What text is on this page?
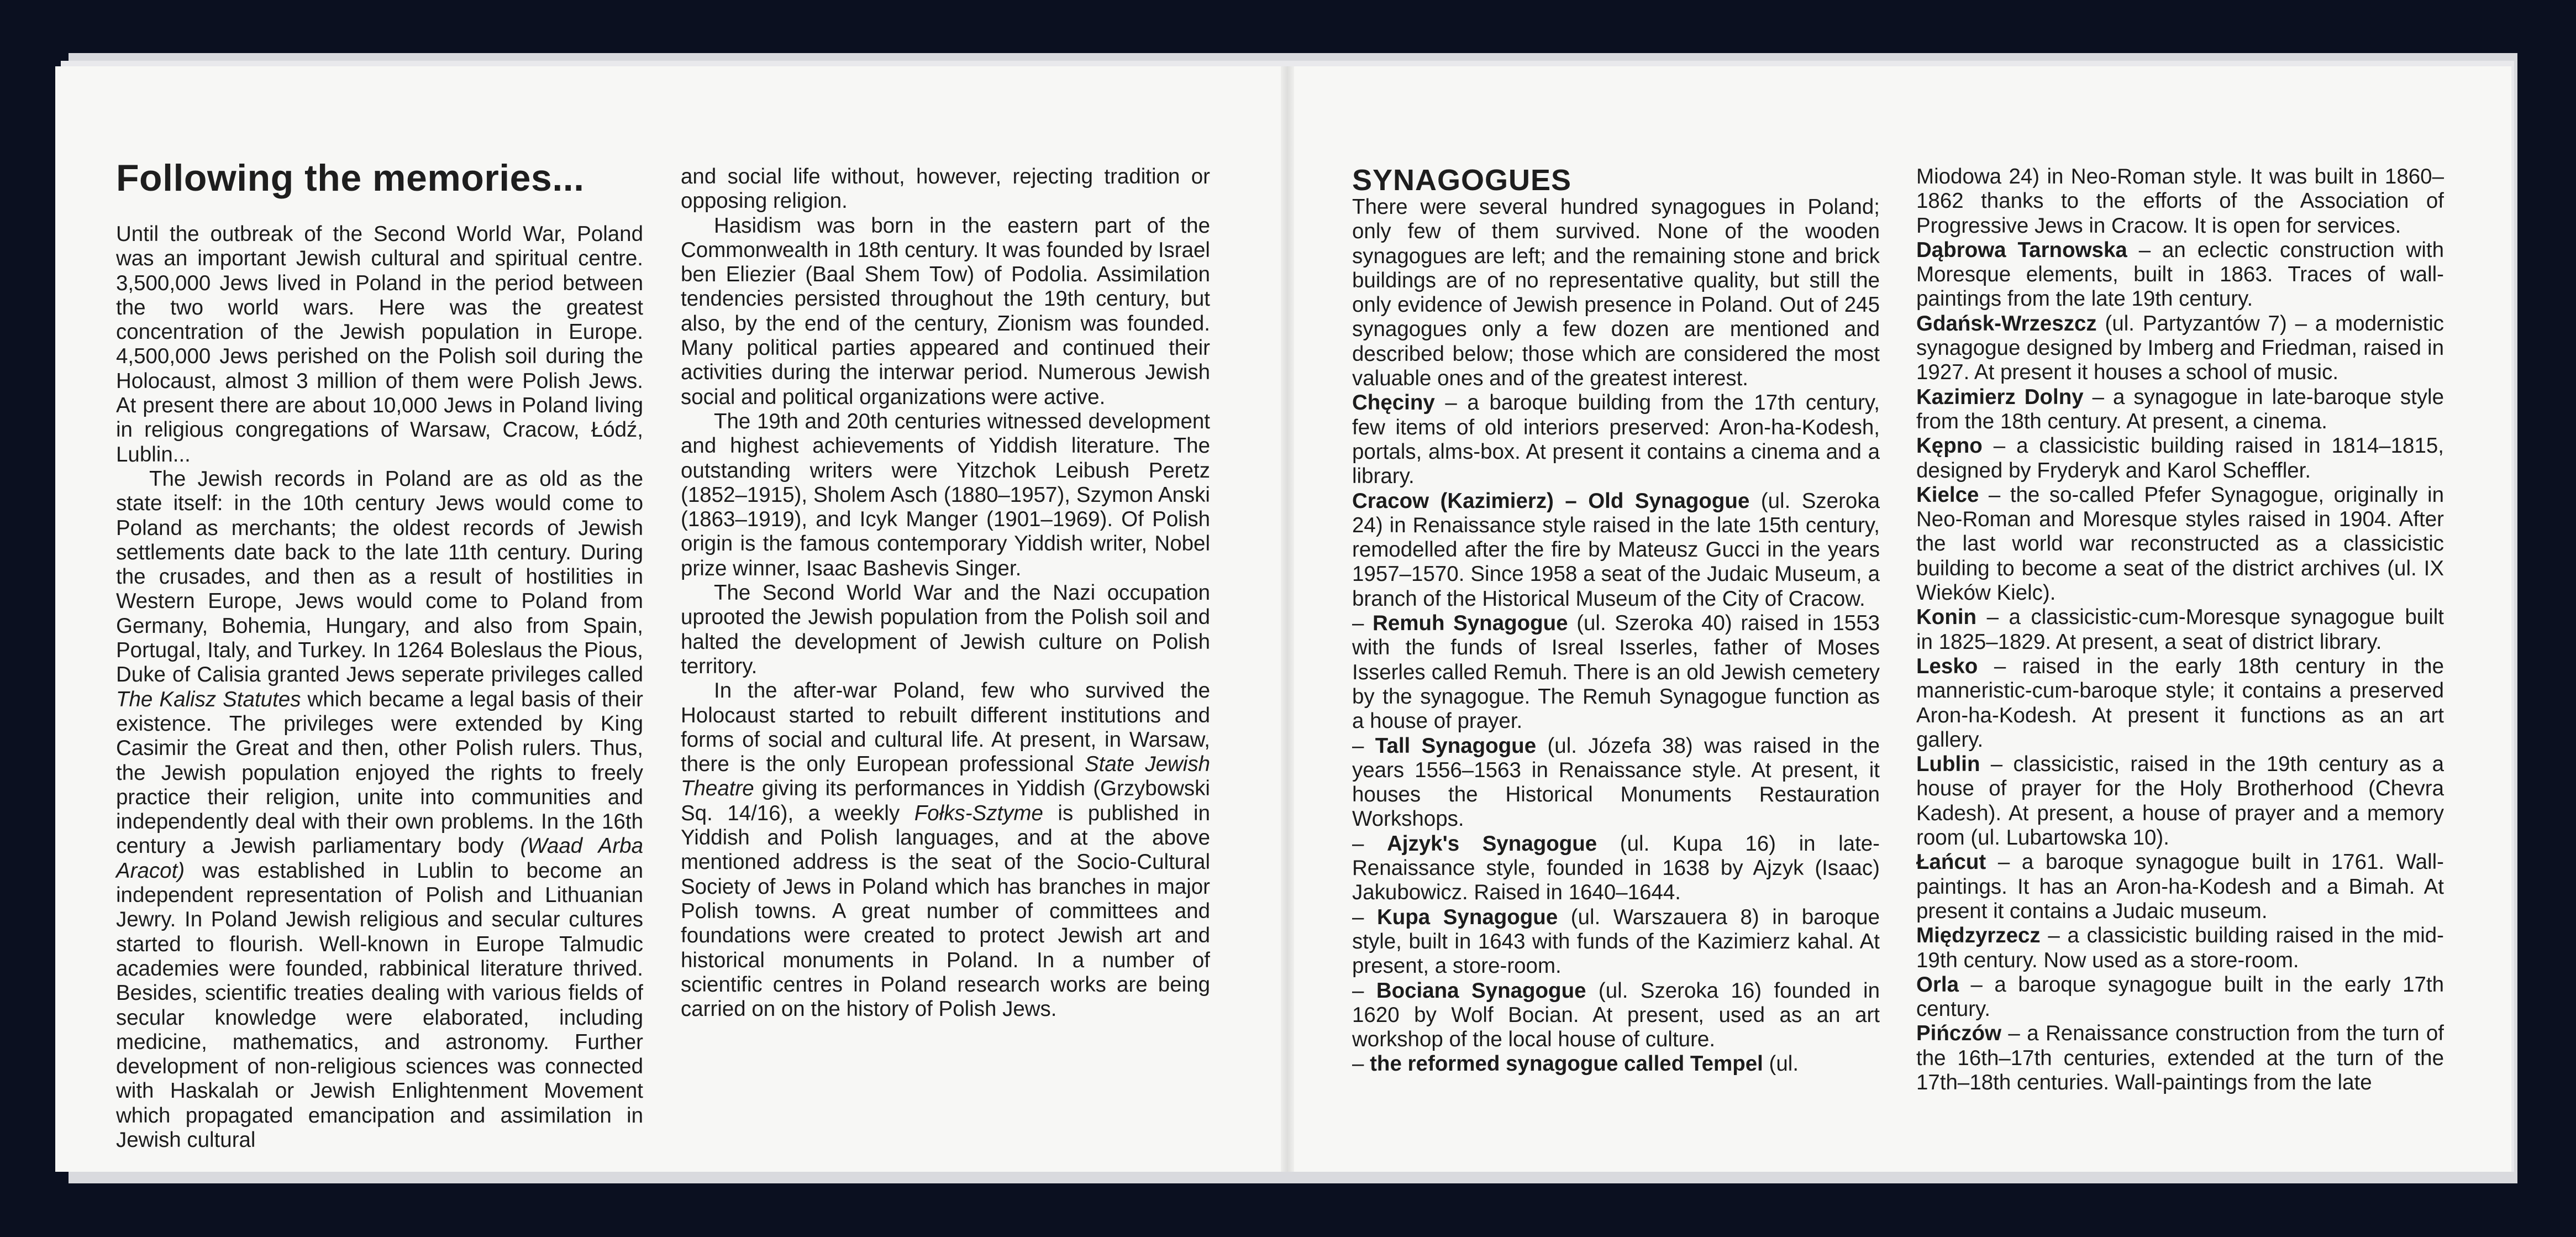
Following the memories...

Until the outbreak of the Second World War, Poland was an important Jewish cultural and spiritual centre. 3,500,000 Jews lived in Poland in the period between the two world wars. Here was the greatest concentration of the Jewish population in Europe. 4,500,000 Jews perished on the Polish soil during the Holocaust, almost 3 million of them were Polish Jews. At present there are about 10,000 Jews in Poland living in religious congregations of Warsaw, Cracow, Łódź, Lublin...

The Jewish records in Poland are as old as the state itself: in the 10th century Jews would come to Poland as merchants; the oldest records of Jewish settlements date back to the late 11th century. During the crusades, and then as a result of hostilities in Western Europe, Jews would come to Poland from Germany, Bohemia, Hungary, and also from Spain, Portugal, Italy, and Turkey. In 1264 Boleslaus the Pious, Duke of Calisia granted Jews seperate privileges called The Kalisz Statutes which became a legal basis of their existence. The privileges were extended by King Casimir the Great and then, other Polish rulers. Thus, the Jewish population enjoyed the rights to freely practice their religion, unite into communities and independently deal with their own problems. In the 16th century a Jewish parliamentary body (Waad Arba Aracot) was established in Lublin to become an independent representation of Polish and Lithuanian Jewry. In Poland Jewish religious and secular cultures started to flourish. Well-known in Europe Talmudic academies were founded, rabbinical literature thrived. Besides, scientific treaties dealing with various fields of secular knowledge were elaborated, including medicine, mathematics, and astronomy. Further development of non-religious sciences was connected with Haskalah or Jewish Enlightenment Movement which propagated emancipation and assimilation in Jewish cultural

and social life without, however, rejecting tradition or opposing religion.

Hasidism was born in the eastern part of the Commonwealth in 18th century. It was founded by Israel ben Eliezier (Baal Shem Tow) of Podolia. Assimilation tendencies persisted throughout the 19th century, but also, by the end of the century, Zionism was founded. Many political parties appeared and continued their activities during the interwar period. Numerous Jewish social and political organizations were active.

The 19th and 20th centuries witnessed development and highest achievements of Yiddish literature. The outstanding writers were Yitzchok Leibush Peretz (1852–1915), Sholem Asch (1880–1957), Szymon Anski (1863–1919), and Icyk Manger (1901–1969). Of Polish origin is the famous contemporary Yiddish writer, Nobel prize winner, Isaac Bashevis Singer.

The Second World War and the Nazi occupation uprooted the Jewish population from the Polish soil and halted the development of Jewish culture on Polish territory.

In the after-war Poland, few who survived the Holocaust started to rebuilt different institutions and forms of social and cultural life. At present, in Warsaw, there is the only European professional State Jewish Theatre giving its performances in Yiddish (Grzybowski Sq. 14/16), a weekly Fołks-Sztyme is published in Yiddish and Polish languages, and at the above mentioned address is the seat of the Socio-Cultural Society of Jews in Poland which has branches in major Polish towns. A great number of committees and foundations were created to protect Jewish art and historical monuments in Poland. In a number of scientific centres in Poland research works are being carried on on the history of Polish Jews.

SYNAGOGUES

There were several hundred synagogues in Poland; only few of them survived. None of the wooden synagogues are left; and the remaining stone and brick buildings are of no representative quality, but still the only evidence of Jewish presence in Poland. Out of 245 synagogues only a few dozen are mentioned and described below; those which are considered the most valuable ones and of the greatest interest.

Chęciny – a baroque building from the 17th century, few items of old interiors preserved: Aron-ha-Kodesh, portals, alms-box. At present it contains a cinema and a library.

Cracow (Kazimierz) – Old Synagogue (ul. Szeroka 24) in Renaissance style raised in the late 15th century, remodelled after the fire by Mateusz Gucci in the years 1957–1570. Since 1958 a seat of the Judaic Museum, a branch of the Historical Museum of the City of Cracow.

– Remuh Synagogue (ul. Szeroka 40) raised in 1553 with the funds of Isreal Isserles, father of Moses Isserles called Remuh. There is an old Jewish cemetery by the synagogue. The Remuh Synagogue function as a house of prayer.

– Tall Synagogue (ul. Józefa 38) was raised in the years 1556–1563 in Renaissance style. At present, it houses the Historical Monuments Restauration Workshops.

– Ajzyk's Synagogue (ul. Kupa 16) in late-Renaissance style, founded in 1638 by Ajzyk (Isaac) Jakubowicz. Raised in 1640–1644.

– Kupa Synagogue (ul. Warszauera 8) in baroque style, built in 1643 with funds of the Kazimierz kahal. At present, a store-room.

– Bociana Synagogue (ul. Szeroka 16) founded in 1620 by Wolf Bocian. At present, used as an art workshop of the local house of culture.

– the reformed synagogue called Tempel (ul.

Miodowa 24) in Neo-Roman style. It was built in 1860–1862 thanks to the efforts of the Association of Progressive Jews in Cracow. It is open for services.

Dąbrowa Tarnowska – an eclectic construction with Moresque elements, built in 1863. Traces of wall-paintings from the late 19th century.

Gdańsk-Wrzeszcz (ul. Partyzantów 7) – a modernistic synagogue designed by Imberg and Friedman, raised in 1927. At present it houses a school of music.

Kazimierz Dolny – a synagogue in late-baroque style from the 18th century. At present, a cinema.

Kępno – a classicistic building raised in 1814–1815, designed by Fryderyk and Karol Scheffler.

Kielce – the so-called Pfefer Synagogue, originally in Neo-Roman and Moresque styles raised in 1904. After the last world war reconstructed as a classicistic building to become a seat of the district archives (ul. IX Wieków Kielc).

Konin – a classicistic-cum-Moresque synagogue built in 1825–1829. At present, a seat of district library.

Lesko – raised in the early 18th century in the manneristic-cum-baroque style; it contains a preserved Aron-ha-Kodesh. At present it functions as an art gallery.

Lublin – classicistic, raised in the 19th century as a house of prayer for the Holy Brotherhood (Chevra Kadesh). At present, a house of prayer and a memory room (ul. Lubartowska 10).

Łańcut – a baroque synagogue built in 1761. Wall-paintings. It has an Aron-ha-Kodesh and a Bimah. At present it contains a Judaic museum.

Międzyrzecz – a classicistic building raised in the mid-19th century. Now used as a store-room.

Orla – a baroque synagogue built in the early 17th century.

Pińczów – a Renaissance construction from the turn of the 16th–17th centuries, extended at the turn of the 17th–18th centuries. Wall-paintings from the late
